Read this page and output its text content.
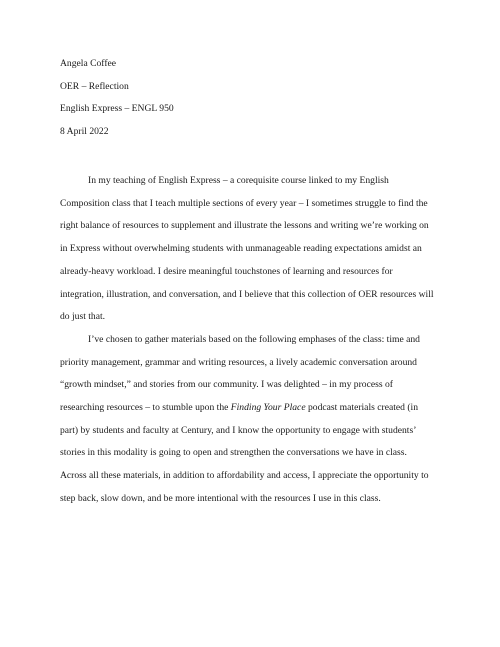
Angela Coffee
OER – Reflection
English Express – ENGL 950
8 April 2022
In my teaching of English Express – a corequisite course linked to my English
Composition class that I teach multiple sections of every year – I sometimes struggle to find the
right balance of resources to supplement and illustrate the lessons and writing we’re working on
in Express without overwhelming students with unmanageable reading expectations amidst an
already-heavy workload. I desire meaningful touchstones of learning and resources for
integration, illustration, and conversation, and I believe that this collection of OER resources will
do just that.
I’ve chosen to gather materials based on the following emphases of the class: time and
priority management, grammar and writing resources, a lively academic conversation around
“growth mindset,” and stories from our community. I was delighted – in my process of
researching resources – to stumble upon the Finding Your Place podcast materials created (in
part) by students and faculty at Century, and I know the opportunity to engage with students’
stories in this modality is going to open and strengthen the conversations we have in class.
Across all these materials, in addition to affordability and access, I appreciate the opportunity to
step back, slow down, and be more intentional with the resources I use in this class.
